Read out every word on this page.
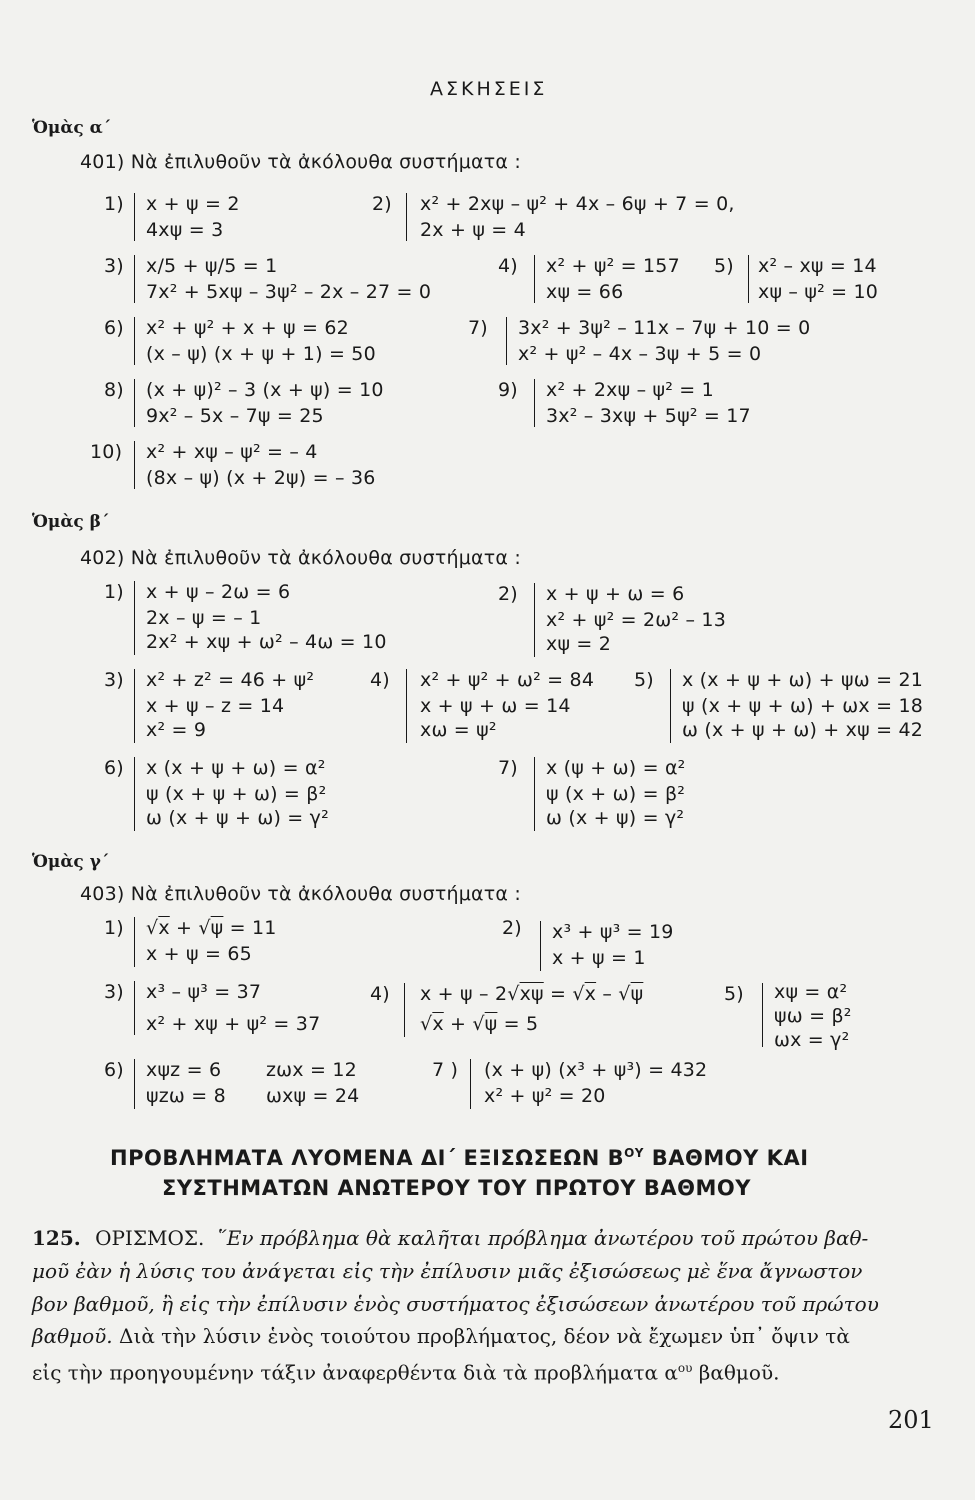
ΑΣΚΗΣΕΙΣ
Ὁμὰς α΄
401) Νὰ ἐπιλυθοῦν τὰ ἀκόλουθα συστήματα :
1) x + ψ = 2
4xψ = 3
2) x² + 2xψ – ψ² + 4x – 6ψ + 7 = 0,
2x + ψ = 4
3) x/5 + ψ/5 = 1
7x² + 5xψ – 3ψ² – 2x – 27 = 0
4) x² + ψ² = 157
xψ = 66
5) x² – xψ = 14
xψ – ψ² = 10
6) x² + ψ² + x + ψ = 62
(x – ψ) (x + ψ + 1) = 50
7) 3x² + 3ψ² – 11x – 7ψ + 10 = 0
x² + ψ² – 4x – 3ψ + 5 = 0
8) (x + ψ)² – 3 (x + ψ) = 10
9x² – 5x – 7ψ = 25
9) x² + 2xψ – ψ² = 1
3x² – 3xψ + 5ψ² = 17
10) x² + xψ – ψ² = – 4
(8x – ψ) (x + 2ψ) = – 36
Ὁμὰς β΄
402) Νὰ ἐπιλυθοῦν τὰ ἀκόλουθα συστήματα :
1) x + ψ – 2ω = 6
2x – ψ = – 1
2x² + xψ + ω² – 4ω = 10
2) x + ψ + ω = 6
x² + ψ² = 2ω² – 13
xψ = 2
3) x² + z² = 46 + ψ²
x + ψ – z = 14
x² = 9
4) x² + ψ² + ω² = 84
x + ψ + ω = 14
xω = ψ²
5) x (x + ψ + ω) + ψω = 21
ψ (x + ψ + ω) + ωx = 18
ω (x + ψ + ω) + xψ = 42
6) x (x + ψ + ω) = α²
ψ (x + ψ + ω) = β²
ω (x + ψ + ω) = γ²
7) x (ψ + ω) = α²
ψ (x + ω) = β²
ω (x + ψ) = γ²
Ὁμὰς γ΄
403) Νὰ ἐπιλυθοῦν τὰ ἀκόλουθα συστήματα :
1) √x + √ψ = 11
x + ψ = 65
2) x³ + ψ³ = 19
x + ψ = 1
3) x³ – ψ³ = 37
x² + xψ + ψ² = 37
4) x + ψ – 2√xψ = √x – √ψ
√x + √ψ = 5
5) xψ = α²
ψω = β²
ωx = γ²
6) xψz = 6 zωx = 12
ψzω = 8 ωxψ = 24
7 ) (x + ψ) (x³ + ψ³) = 432
x² + ψ² = 20
ΠΡΟΒΛΗΜΑΤΑ ΛΥΟΜΕΝΑ ΔΙ΄ ΕΞΙΣΩΣΕΩΝ $B^{O\Upsilon}$ ΒΑΘΜΟΥ ΚΑΙ
ΣΥΣΤΗΜΑΤΩΝ ΑΝΩΤΕΡΟΥ ΤΟΥ ΠΡΩΤΟΥ ΒΑΘΜΟΥ
125. ΟΡΙΣΜΟΣ. ῞Εν πρόβλημα θὰ καλῆται πρόβλημα ἀνωτέρου τοῦ πρώτου βαθ-
μοῦ ἐὰν ἡ λύσις του ἀνάγεται εἰς τὴν ἐπίλυσιν μιᾶς ἐξισώσεως μὲ ἕνα ἄγνωστον
βον βαθμοῦ, ἢ εἰς τὴν ἐπίλυσιν ἑνὸς συστήματος ἐξισώσεων ἀνωτέρου τοῦ πρώτου
βαθμοῦ. Διὰ τὴν λύσιν ἑνὸς τοιούτου προβλήματος, δέον νὰ ἔχωμεν ὑπ᾽ ὄψιν τὰ
εἰς τὴν προηγουμένην τάξιν ἀναφερθέντα διὰ τὰ προβλήματα $\alpha^{o\upsilon}$ βαθμοῦ.
201
